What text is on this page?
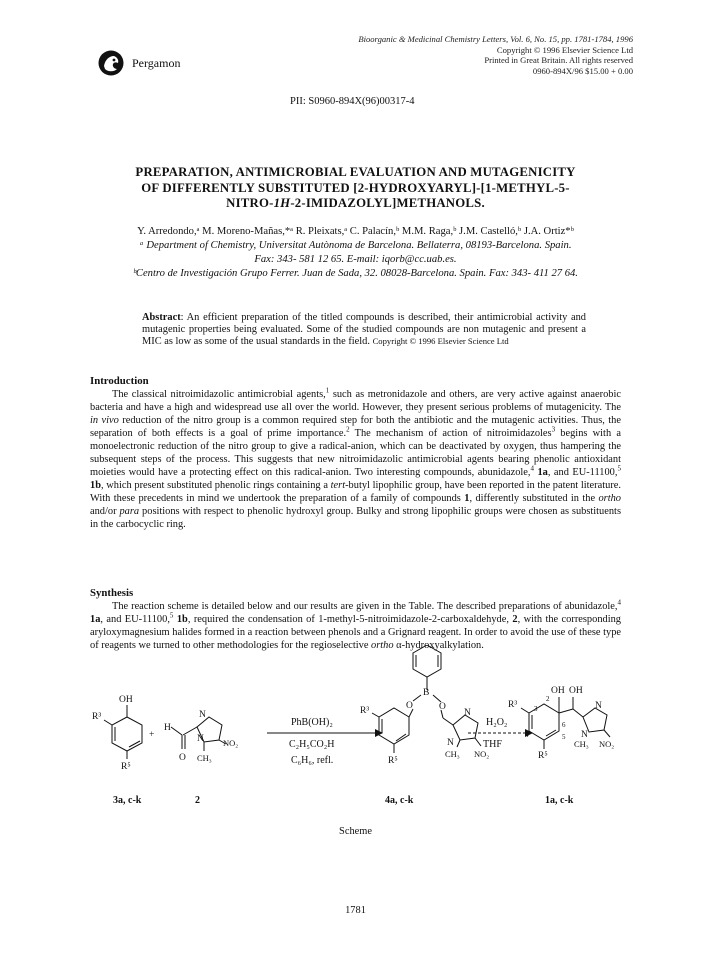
Bioorganic & Medicinal Chemistry Letters, Vol. 6, No. 15, pp. 1781-1784, 1996
Copyright © 1996 Elsevier Science Ltd
Printed in Great Britain. All rights reserved
0960-894X/96 $15.00 + 0.00
Pergamon
PII: S0960-894X(96)00317-4
PREPARATION, ANTIMICROBIAL EVALUATION AND MUTAGENICITY
OF DIFFERENTLY SUBSTITUTED [2-HYDROXYARYL]-[1-METHYL-5-
NITRO-1H-2-IMIDAZOLYL]METHANOLS.
Y. Arredondo,ᵃ M. Moreno-Mañas,*ᵃ R. Pleixats,ᵃ C. Palacín,ᵇ M.M. Raga,ᵇ J.M. Castelló,ᵇ J.A. Ortiz*ᵇ
ᵃ Department of Chemistry, Universitat Autònoma de Barcelona. Bellaterra, 08193-Barcelona. Spain.
Fax: 343- 581 12 65. E-mail: iqorb@cc.uab.es.
ᵇCentro de Investigación Grupo Ferrer. Juan de Sada, 32. 08028-Barcelona. Spain. Fax: 343- 411 27 64.
Abstract: An efficient preparation of the titled compounds is described, their antimicrobial activity and mutagenic properties being evaluated. Some of the studied compounds are non mutagenic and present a MIC as low as some of the usual standards in the field. Copyright © 1996 Elsevier Science Ltd
Introduction
The classical nitroimidazolic antimicrobial agents,$^1$ such as metronidazole and others, are very active against anaerobic bacteria and have a high and widespread use all over the world. However, they present serious problems of mutagenicity. The in vivo reduction of the nitro group is a common required step for both the antibiotic and the mutagenic activities. Thus, the separation of both effects is a goal of prime importance.$^2$ The mechanism of action of nitroimidazoles$^3$ begins with a monoelectronic reduction of the nitro group to give a radical-anion, which can be deactivated by oxygen, thus hampering the subsequent steps of the process. This suggests that new nitroimidazolic antimicrobial agents bearing phenolic antioxidant moieties would have a protecting effect on this radical-anion. Two interesting compounds, abunidazole,$^4$ 1a, and EU-11100,$^5$ 1b, which present substituted phenolic rings containing a tert-butyl lipophilic group, have been reported in the patent literature. With these precedents in mind we undertook the preparation of a family of compounds 1, differently substituted in the ortho and/or para positions with respect to phenolic hydroxyl group. Bulky and strong lipophilic groups were chosen as substituents in the carbocyclic ring.
Synthesis
The reaction scheme is detailed below and our results are given in the Table. The described preparations of abunidazole,$^4$ 1a, and EU-11100,$^5$ 1b, required the condensation of 1-methyl-5-nitroimidazole-2-carboxaldehyde, 2, with the corresponding aryloxymagnesium halides formed in a reaction between phenols and a Grignard reagent. In order to avoid the use of these type of reagents we turned to other methodologies for the regioselective ortho α-hydroxyalkylation.
OH
R³
R⁵
+
H
O
N
N NO₂
CH₃
PhB(OH)₂
C₂H₅CO₂H
C₆H₆, refl.
B
O	O
R³
R⁵
N
N
CH₃ NO₂
H₂O₂
THF
OH OH
R³
R⁵
2
3
4	5
6
N
N
CH₃ NO₂
3a, c-k	2	4a, c-k	1a, c-k
Scheme
1781
